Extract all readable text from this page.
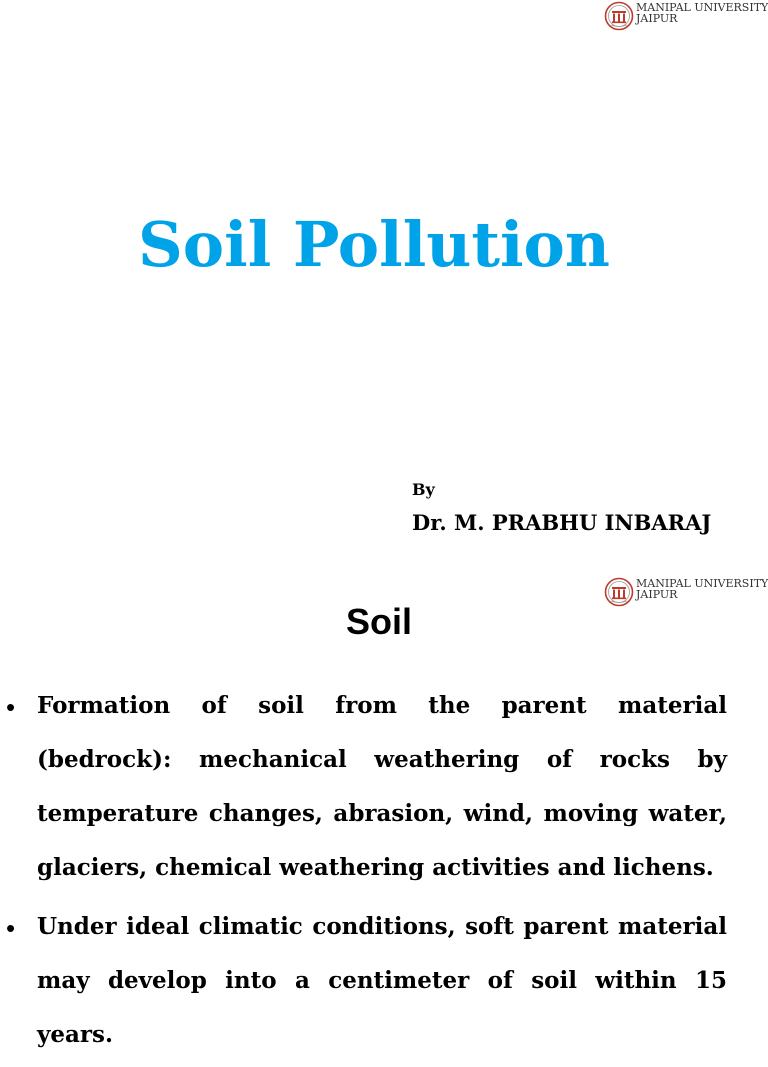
MANIPAL UNIVERSITY
JAIPUR
Soil Pollution
By
Dr. M. PRABHU INBARAJ
MANIPAL UNIVERSITY
JAIPUR
Soil
• Formation of soil from the parent material (bedrock): mechanical weathering of rocks by temperature changes, abrasion, wind, moving water, glaciers, chemical weathering activities and lichens.
• Under ideal climatic conditions, soft parent material may develop into a centimeter of soil within 15 years.
